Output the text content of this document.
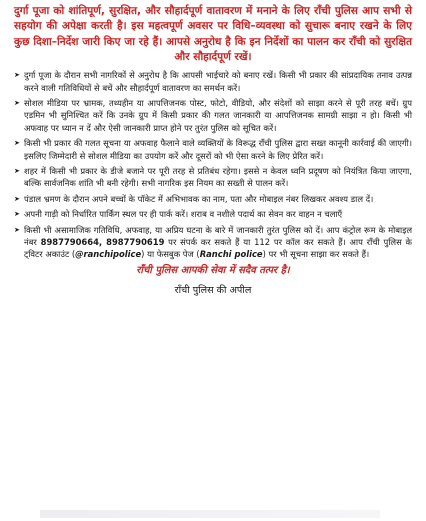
दुर्गा पूजा को शांतिपूर्ण, सुरक्षित, और सौहार्दपूर्ण वातावरण में मनाने के लिए राँची पुलिस आप सभी से सहयोग की अपेक्षा करती है। इस महत्वपूर्ण अवसर पर विधि–व्यवस्था को सुचारू बनाए रखने के लिए कुछ दिशा–निर्देश जारी किए जा रहे हैं। आपसे अनुरोध है कि इन निर्देशों का पालन कर राँची को सुरक्षित और सौहार्दपूर्ण रखें।

➤ दुर्गा पूजा के दौरान सभी नागरिकों से अनुरोध है कि आपसी भाईचारे को बनाए रखें। किसी भी प्रकार की सांप्रदायिक तनाव उत्पन्न करने वाली गतिविधियों से बचें और सौहार्दपूर्ण वातावरण का समर्थन करें।
➤ सोशल मीडिया पर भ्रामक, तथ्यहीन या आपत्तिजनक पोस्ट, फोटो, वीडियो, और संदेशों को साझा करने से पूरी तरह बचें। ग्रुप एडमिन भी सुनिश्चित करें कि उनके ग्रुप में किसी प्रकार की गलत जानकारी या आपत्तिजनक सामग्री साझा न हो। किसी भी अफवाह पर ध्यान न दें और ऐसी जानकारी प्राप्त होने पर तुरंत पुलिस को सूचित करें।
➤ किसी भी प्रकार की गलत सूचना या अफवाह फैलाने वाले व्यक्तियों के विरूद्ध राँची पुलिस द्वारा सख्त कानूनी कार्रवाई की जाएगी। इसलिए जिम्मेदारी से सोशल मीडिया का उपयोग करें और दूसरों को भी ऐसा करने के लिए प्रेरित करें।
➤ शहर में किसी भी प्रकार के डीजे बजाने पर पूरी तरह से प्रतिबंध रहेगा। इससे न केवल ध्वनि प्रदूषण को नियंत्रित किया जाएगा, बल्कि सार्वजनिक शांति भी बनी रहेगी। सभी नागरिक इस नियम का सख्ती से पालन करें।
➤ पंडाल भ्रमण के दौरान अपने बच्चों के पॉकेट में अभिभावक का नाम, पता और मोबाइल नंबर लिखकर अवश्य डाल दें।
➤ अपनी गाड़ी को निर्धारित पार्किंग स्थल पर ही पार्क करें। शराब व नशीले पदार्थ का सेवन कर वाहन न चलाएँ
➤ किसी भी असामाजिक गतिविधि, अफवाह, या अप्रिय घटना के बारे में जानकारी तुरंत पुलिस को दें। आप कंट्रोल रूम के मोबाइल नंबर 8987790664, 8987790619 पर संपर्क कर सकते हैं या 112 पर कॉल कर सकते हैं। आप राँची पुलिस के ट्विटर अकाउंट (@ranchipolice) या फेसबुक पेज (Ranchi police) पर भी सूचना साझा कर सकते हैं।

राँची पुलिस आपकी सेवा में सदैव तत्पर है।

राँची पुलिस की अपील
